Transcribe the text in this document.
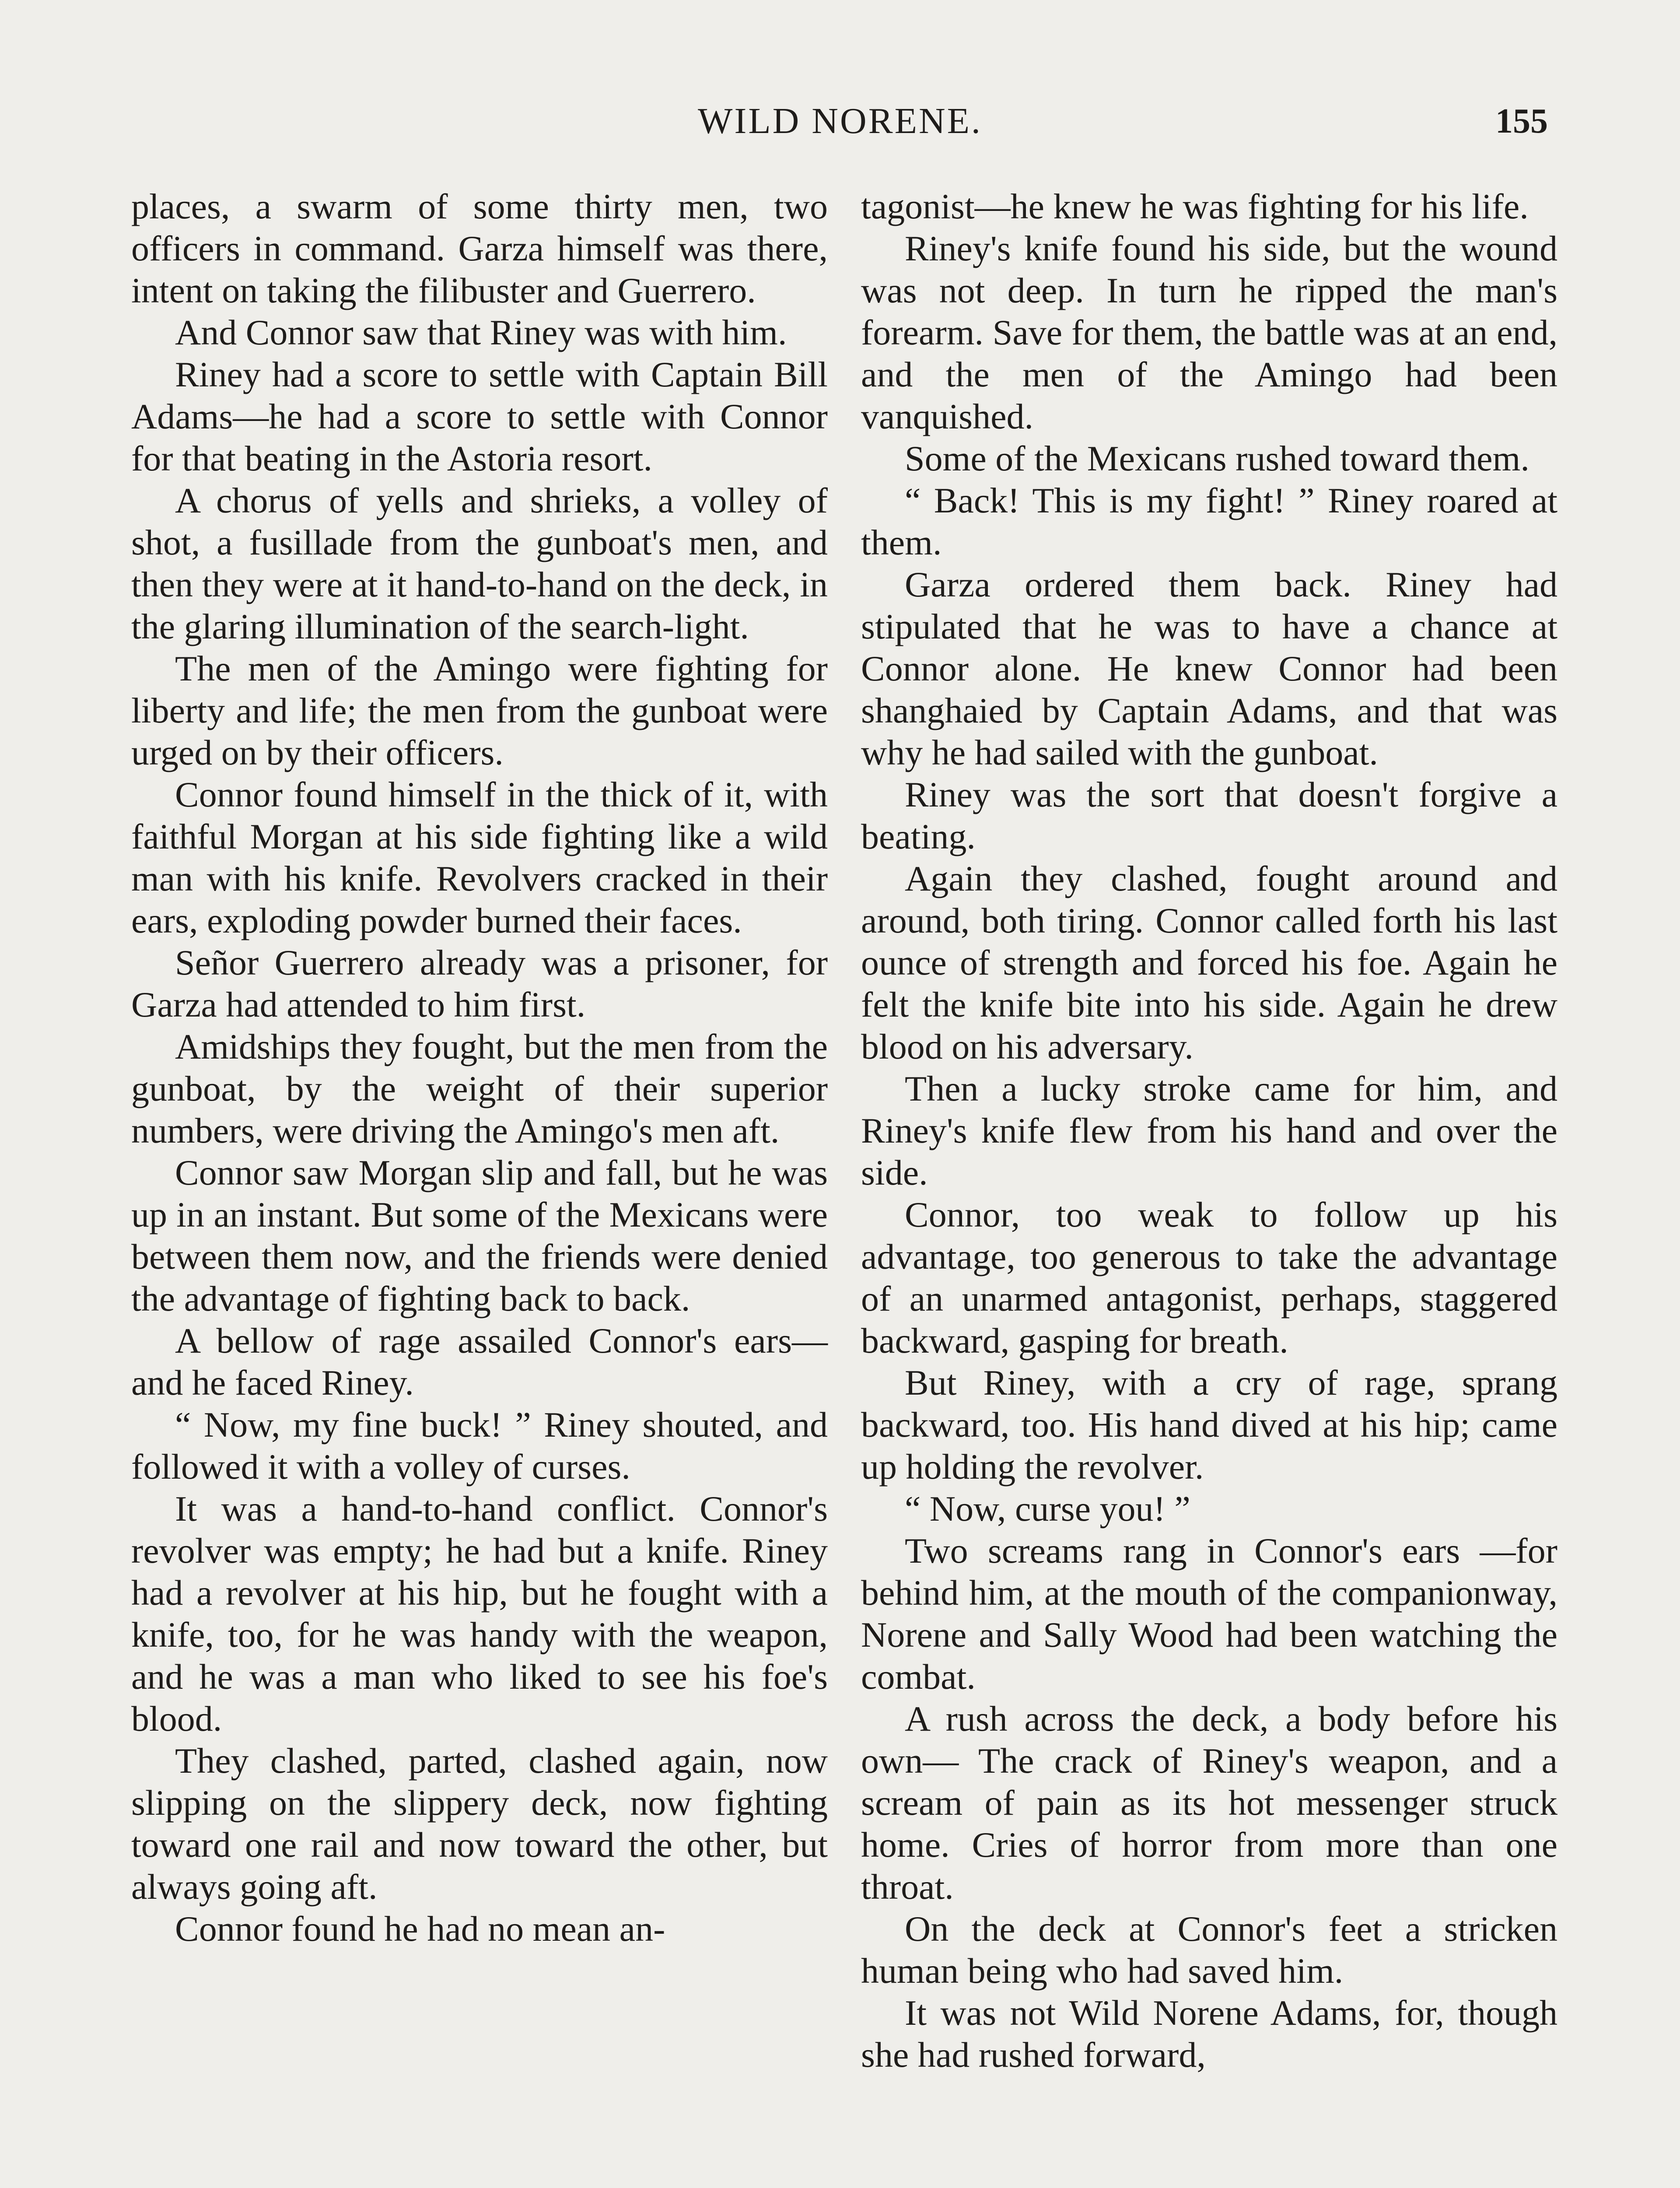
WILD NORENE.	155

places, a swarm of some thirty men, two officers in command. Garza himself was there, intent on taking the filibuster and Guerrero.

And Connor saw that Riney was with him.

Riney had a score to settle with Captain Bill Adams—he had a score to settle with Connor for that beating in the Astoria resort.

A chorus of yells and shrieks, a volley of shot, a fusillade from the gunboat's men, and then they were at it hand-to-hand on the deck, in the glaring illumination of the search-light.

The men of the Amingo were fighting for liberty and life; the men from the gunboat were urged on by their officers.

Connor found himself in the thick of it, with faithful Morgan at his side fighting like a wild man with his knife. Revolvers cracked in their ears, exploding powder burned their faces.

Señor Guerrero already was a prisoner, for Garza had attended to him first.

Amidships they fought, but the men from the gunboat, by the weight of their superior numbers, were driving the Amingo's men aft.

Connor saw Morgan slip and fall, but he was up in an instant. But some of the Mexicans were between them now, and the friends were denied the advantage of fighting back to back.

A bellow of rage assailed Connor's ears—and he faced Riney.

“ Now, my fine buck! ” Riney shouted, and followed it with a volley of curses.

It was a hand-to-hand conflict. Connor's revolver was empty; he had but a knife. Riney had a revolver at his hip, but he fought with a knife, too, for he was handy with the weapon, and he was a man who liked to see his foe's blood.

They clashed, parted, clashed again, now slipping on the slippery deck, now fighting toward one rail and now toward the other, but always going aft.

Connor found he had no mean an-

tagonist—he knew he was fighting for his life.

Riney's knife found his side, but the wound was not deep. In turn he ripped the man's forearm. Save for them, the battle was at an end, and the men of the Amingo had been vanquished.

Some of the Mexicans rushed toward them.

“ Back! This is my fight! ” Riney roared at them.

Garza ordered them back. Riney had stipulated that he was to have a chance at Connor alone. He knew Connor had been shanghaied by Captain Adams, and that was why he had sailed with the gunboat.

Riney was the sort that doesn't forgive a beating.

Again they clashed, fought around and around, both tiring. Connor called forth his last ounce of strength and forced his foe. Again he felt the knife bite into his side. Again he drew blood on his adversary.

Then a lucky stroke came for him, and Riney's knife flew from his hand and over the side.

Connor, too weak to follow up his advantage, too generous to take the advantage of an unarmed antagonist, perhaps, staggered backward, gasping for breath.

But Riney, with a cry of rage, sprang backward, too. His hand dived at his hip; came up holding the revolver.

“ Now, curse you! ”

Two screams rang in Connor's ears —for behind him, at the mouth of the companionway, Norene and Sally Wood had been watching the combat.

A rush across the deck, a body before his own— The crack of Riney's weapon, and a scream of pain as its hot messenger struck home. Cries of horror from more than one throat.

On the deck at Connor's feet a stricken human being who had saved him.

It was not Wild Norene Adams, for, though she had rushed forward,
